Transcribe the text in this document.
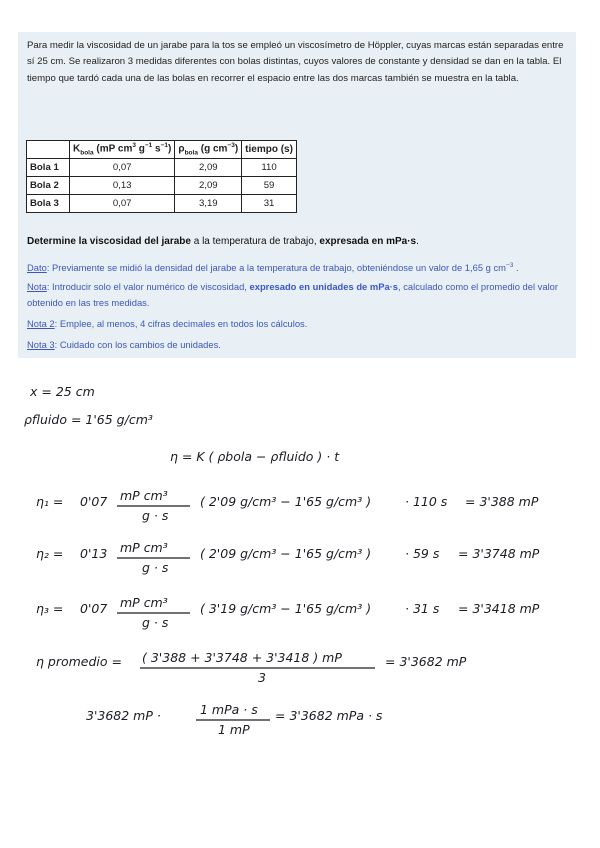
Para medir la viscosidad de un jarabe para la tos se empleó un viscosímetro de Höppler, cuyas marcas están separadas entre sí 25 cm. Se realizaron 3 medidas diferentes con bolas distintas, cuyos valores de constante y densidad se dan en la tabla. El tiempo que tardó cada una de las bolas en recorrer el espacio entre las dos marcas también se muestra en la tabla.
	$K_{bola}$ (mP $cm^3$ $g^{-1}$ $s^{-1}$)	$\rho_{bola}$ (g $cm^{-3}$)	tiempo (s)
Bola 1	0,07	2,09	110
Bola 2	0,13	2,09	59
Bola 3	0,07	3,19	31
Determine la viscosidad del jarabe a la temperatura de trabajo, expresada en mPa·s.
Dato: Previamente se midió la densidad del jarabe a la temperatura de trabajo, obteniéndose un valor de 1,65 g $cm^{-3}$ .
Nota: Introducir solo el valor numérico de viscosidad, expresado en unidades de mPa·s, calculado como el promedio del valor obtenido en las tres medidas.
Nota 2: Emplee, al menos, 4 cifras decimales en todos los cálculos.
Nota 3: Cuidado con los cambios de unidades.
x = 25 cm
ρfluido = 1'65 g/cm³
η = K ( ρbola − ρfluido ) · t
η₁ = 0'07 mP cm³
g · s
( 2'09 g/cm³ − 1'65 g/cm³ )	· 110 s = 3'388 mP
η₂ = 0'13 mP cm³
g · s
( 2'09 g/cm³ − 1'65 g/cm³ )	· 59 s = 3'3748 mP
η₃ = 0'07 mP cm³
g · s
( 3'19 g/cm³ − 1'65 g/cm³ )	· 31 s = 3'3418 mP
η promedio = ( 3'388 + 3'3748 + 3'3418 ) mP
3
= 3'3682 mP
3'3682 mP ·	1 mPa · s
1 mP
= 3'3682 mPa · s
